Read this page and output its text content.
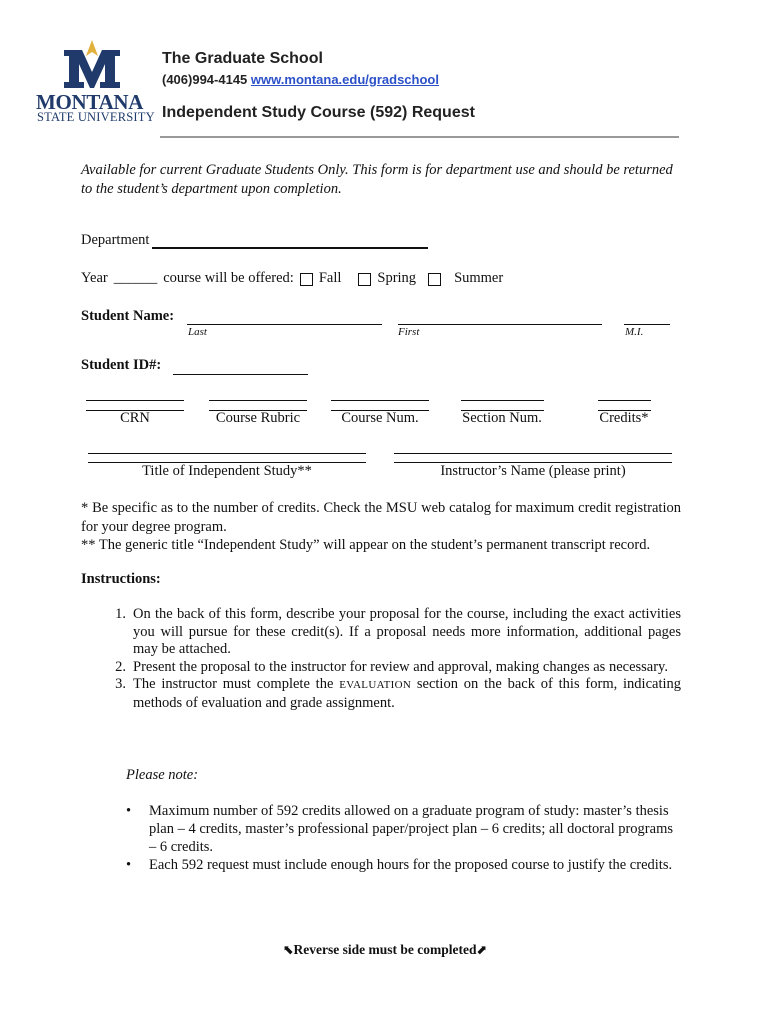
MONTANA
STATE UNIVERSITY
The Graduate School
(406)994-4145 www.montana.edu/gradschool
Independent Study Course (592) Request
Available for current Graduate Students Only. This form is for department use and should be returned to the student’s department upon completion.
Department
Year ______ course will be offered: Fall Spring	Summer
Student Name:
Last	First	M.I.
Student ID#:
CRN	Course Rubric	Course Num.	Section Num.	Credits*
Title of Independent Study**	Instructor’s Name (please print)
* Be specific as to the number of credits. Check the MSU web catalog for maximum credit registration for your degree program.
** The generic title “Independent Study” will appear on the student’s permanent transcript record.
Instructions:
1. On the back of this form, describe your proposal for the course, including the exact activities you will pursue for these credit(s). If a proposal needs more information, additional pages may be attached.
2. Present the proposal to the instructor for review and approval, making changes as necessary.
3. The instructor must complete the EVALUATION section on the back of this form, indicating methods of evaluation and grade assignment.
Please note:
•	Maximum number of 592 credits allowed on a graduate program of study: master’s thesis plan – 4 credits, master’s professional paper/project plan – 6 credits; all doctoral programs – 6 credits.
•	Each 592 request must include enough hours for the proposed course to justify the credits.
⬉Reverse side must be completed⬈
